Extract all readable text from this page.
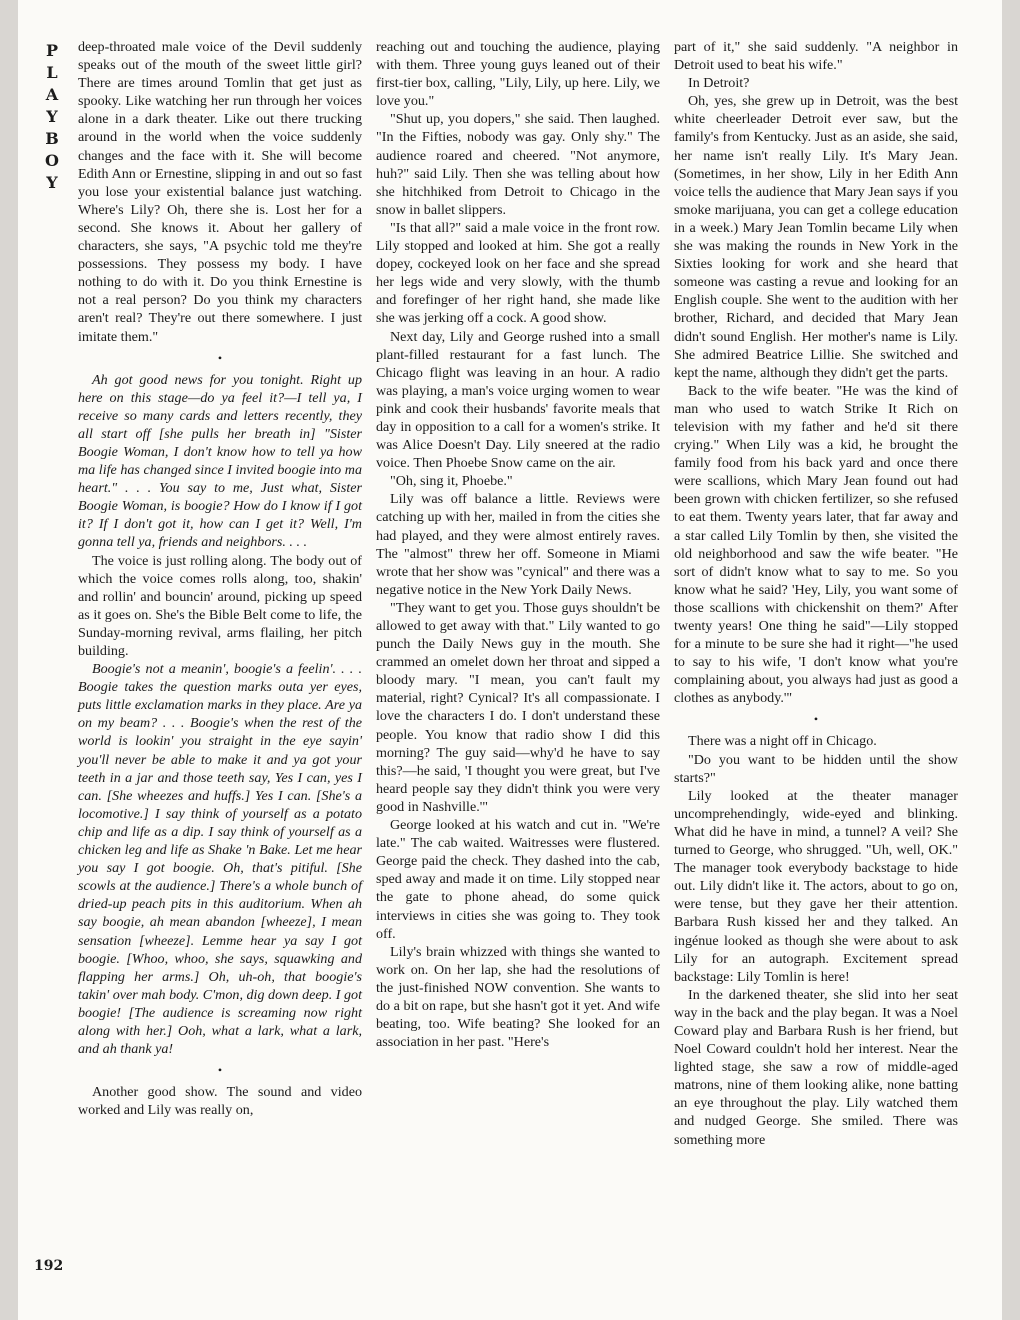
P
L
A
Y
B
O
Y
192

deep-throated male voice of the Devil suddenly speaks out of the mouth of the sweet little girl? There are times around Tomlin that get just as spooky. Like watching her run through her voices alone in a dark theater. Like out there trucking around in the world when the voice suddenly changes and the face with it. She will become Edith Ann or Ernestine, slipping in and out so fast you lose your existential balance just watching. Where's Lily? Oh, there she is. Lost her for a second. She knows it. About her gallery of characters, she says, "A psychic told me they're possessions. They possess my body. I have nothing to do with it. Do you think Ernestine is not a real person? Do you think my characters aren't real? They're out there somewhere. I just imitate them."

•

Ah got good news for you tonight. Right up here on this stage—do ya feel it?—I tell ya, I receive so many cards and letters recently, they all start off [she pulls her breath in] "Sister Boogie Woman, I don't know how to tell ya how ma life has changed since I invited boogie into ma heart." . . . You say to me, Just what, Sister Boogie Woman, is boogie? How do I know if I got it? If I don't got it, how can I get it? Well, I'm gonna tell ya, friends and neighbors. . . .

The voice is just rolling along. The body out of which the voice comes rolls along, too, shakin' and rollin' and bouncin' around, picking up speed as it goes on. She's the Bible Belt come to life, the Sunday-morning revival, arms flailing, her pitch building.

Boogie's not a meanin', boogie's a feelin'. . . . Boogie takes the question marks outa yer eyes, puts little exclamation marks in they place. Are ya on my beam? . . . Boogie's when the rest of the world is lookin' you straight in the eye sayin' you'll never be able to make it and ya got your teeth in a jar and those teeth say, Yes I can, yes I can. [She wheezes and huffs.] Yes I can. [She's a locomotive.] I say think of yourself as a potato chip and life as a dip. I say think of yourself as a chicken leg and life as Shake 'n Bake. Let me hear you say I got boogie. Oh, that's pitiful. [She scowls at the audience.] There's a whole bunch of dried-up peach pits in this auditorium. When ah say boogie, ah mean abandon [wheeze], I mean sensation [wheeze]. Lemme hear ya say I got boogie. [Whoo, whoo, she says, squawking and flapping her arms.] Oh, uh-oh, that boogie's takin' over mah body. C'mon, dig down deep. I got boogie! [The audience is screaming now right along with her.] Ooh, what a lark, what a lark, and ah thank ya!

•

Another good show. The sound and video worked and Lily was really on,

reaching out and touching the audience, playing with them. Three young guys leaned out of their first-tier box, calling, "Lily, Lily, up here. Lily, we love you."

"Shut up, you dopers," she said. Then laughed. "In the Fifties, nobody was gay. Only shy." The audience roared and cheered. "Not anymore, huh?" said Lily. Then she was telling about how she hitchhiked from Detroit to Chicago in the snow in ballet slippers.

"Is that all?" said a male voice in the front row. Lily stopped and looked at him. She got a really dopey, cockeyed look on her face and she spread her legs wide and very slowly, with the thumb and forefinger of her right hand, she made like she was jerking off a cock. A good show.

Next day, Lily and George rushed into a small plant-filled restaurant for a fast lunch. The Chicago flight was leaving in an hour. A radio was playing, a man's voice urging women to wear pink and cook their husbands' favorite meals that day in opposition to a call for a women's strike. It was Alice Doesn't Day. Lily sneered at the radio voice. Then Phoebe Snow came on the air.

"Oh, sing it, Phoebe."

Lily was off balance a little. Reviews were catching up with her, mailed in from the cities she had played, and they were almost entirely raves. The "almost" threw her off. Someone in Miami wrote that her show was "cynical" and there was a negative notice in the New York Daily News.

"They want to get you. Those guys shouldn't be allowed to get away with that." Lily wanted to go punch the Daily News guy in the mouth. She crammed an omelet down her throat and sipped a bloody mary. "I mean, you can't fault my material, right? Cynical? It's all compassionate. I love the characters I do. I don't understand these people. You know that radio show I did this morning? The guy said—why'd he have to say this?—he said, 'I thought you were great, but I've heard people say they didn't think you were very good in Nashville.'"

George looked at his watch and cut in. "We're late." The cab waited. Waitresses were flustered. George paid the check. They dashed into the cab, sped away and made it on time. Lily stopped near the gate to phone ahead, do some quick interviews in cities she was going to. They took off.

Lily's brain whizzed with things she wanted to work on. On her lap, she had the resolutions of the just-finished NOW convention. She wants to do a bit on rape, but she hasn't got it yet. And wife beating, too. Wife beating? She looked for an association in her past. "Here's

part of it," she said suddenly. "A neighbor in Detroit used to beat his wife."

In Detroit?

Oh, yes, she grew up in Detroit, was the best white cheerleader Detroit ever saw, but the family's from Kentucky. Just as an aside, she said, her name isn't really Lily. It's Mary Jean. (Sometimes, in her show, Lily in her Edith Ann voice tells the audience that Mary Jean says if you smoke marijuana, you can get a college education in a week.) Mary Jean Tomlin became Lily when she was making the rounds in New York in the Sixties looking for work and she heard that someone was casting a revue and looking for an English couple. She went to the audition with her brother, Richard, and decided that Mary Jean didn't sound English. Her mother's name is Lily. She admired Beatrice Lillie. She switched and kept the name, although they didn't get the parts.

Back to the wife beater. "He was the kind of man who used to watch Strike It Rich on television with my father and he'd sit there crying." When Lily was a kid, he brought the family food from his back yard and once there were scallions, which Mary Jean found out had been grown with chicken fertilizer, so she refused to eat them. Twenty years later, that far away and a star called Lily Tomlin by then, she visited the old neighborhood and saw the wife beater. "He sort of didn't know what to say to me. So you know what he said? 'Hey, Lily, you want some of those scallions with chickenshit on them?' After twenty years! One thing he said"—Lily stopped for a minute to be sure she had it right—"he used to say to his wife, 'I don't know what you're complaining about, you always had just as good a clothes as anybody.'"

•

There was a night off in Chicago.

"Do you want to be hidden until the show starts?"

Lily looked at the theater manager uncomprehendingly, wide-eyed and blinking. What did he have in mind, a tunnel? A veil? She turned to George, who shrugged. "Uh, well, OK." The manager took everybody backstage to hide out. Lily didn't like it. The actors, about to go on, were tense, but they gave her their attention. Barbara Rush kissed her and they talked. An ingénue looked as though she were about to ask Lily for an autograph. Excitement spread backstage: Lily Tomlin is here!

In the darkened theater, she slid into her seat way in the back and the play began. It was a Noel Coward play and Barbara Rush is her friend, but Noel Coward couldn't hold her interest. Near the lighted stage, she saw a row of middle-aged matrons, nine of them looking alike, none batting an eye throughout the play. Lily watched them and nudged George. She smiled. There was something more
